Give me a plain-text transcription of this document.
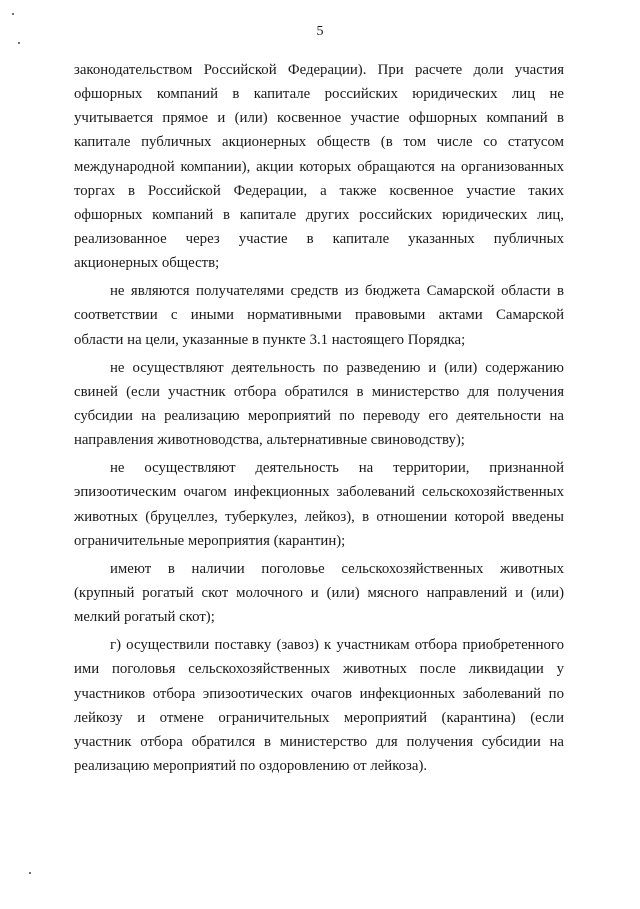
5
законодательством Российской Федерации). При расчете доли участия
офшорных компаний в капитале российских юридических лиц не
учитывается прямое и (или) косвенное участие офшорных компаний в
капитале публичных акционерных обществ (в том числе со статусом
международной компании), акции которых обращаются на организованных
торгах в Российской Федерации, а также косвенное участие таких
офшорных компаний в капитале других российских юридических лиц,
реализованное через участие в капитале указанных публичных
акционерных обществ;
не являются получателями средств из бюджета Самарской области в
соответствии с иными нормативными правовыми актами Самарской
области на цели, указанные в пункте 3.1 настоящего Порядка;
не осуществляют деятельность по разведению и (или) содержанию
свиней (если участник отбора обратился в министерство для получения
субсидии на реализацию мероприятий по переводу его деятельности на
направления животноводства, альтернативные свиноводству);
не осуществляют деятельность на территории, признанной
эпизоотическим очагом инфекционных заболеваний сельскохозяйственных
животных (бруцеллез, туберкулез, лейкоз), в отношении которой введены
ограничительные мероприятия (карантин);
имеют в наличии поголовье сельскохозяйственных животных
(крупный рогатый скот молочного и (или) мясного направлений и (или)
мелкий рогатый скот);
г) осуществили поставку (завоз) к участникам отбора приобретенного
ими поголовья сельскохозяйственных животных после ликвидации у
участников отбора эпизоотических очагов инфекционных заболеваний по
лейкозу и отмене ограничительных мероприятий (карантина) (если
участник отбора обратился в министерство для получения субсидии на
реализацию мероприятий по оздоровлению от лейкоза).
